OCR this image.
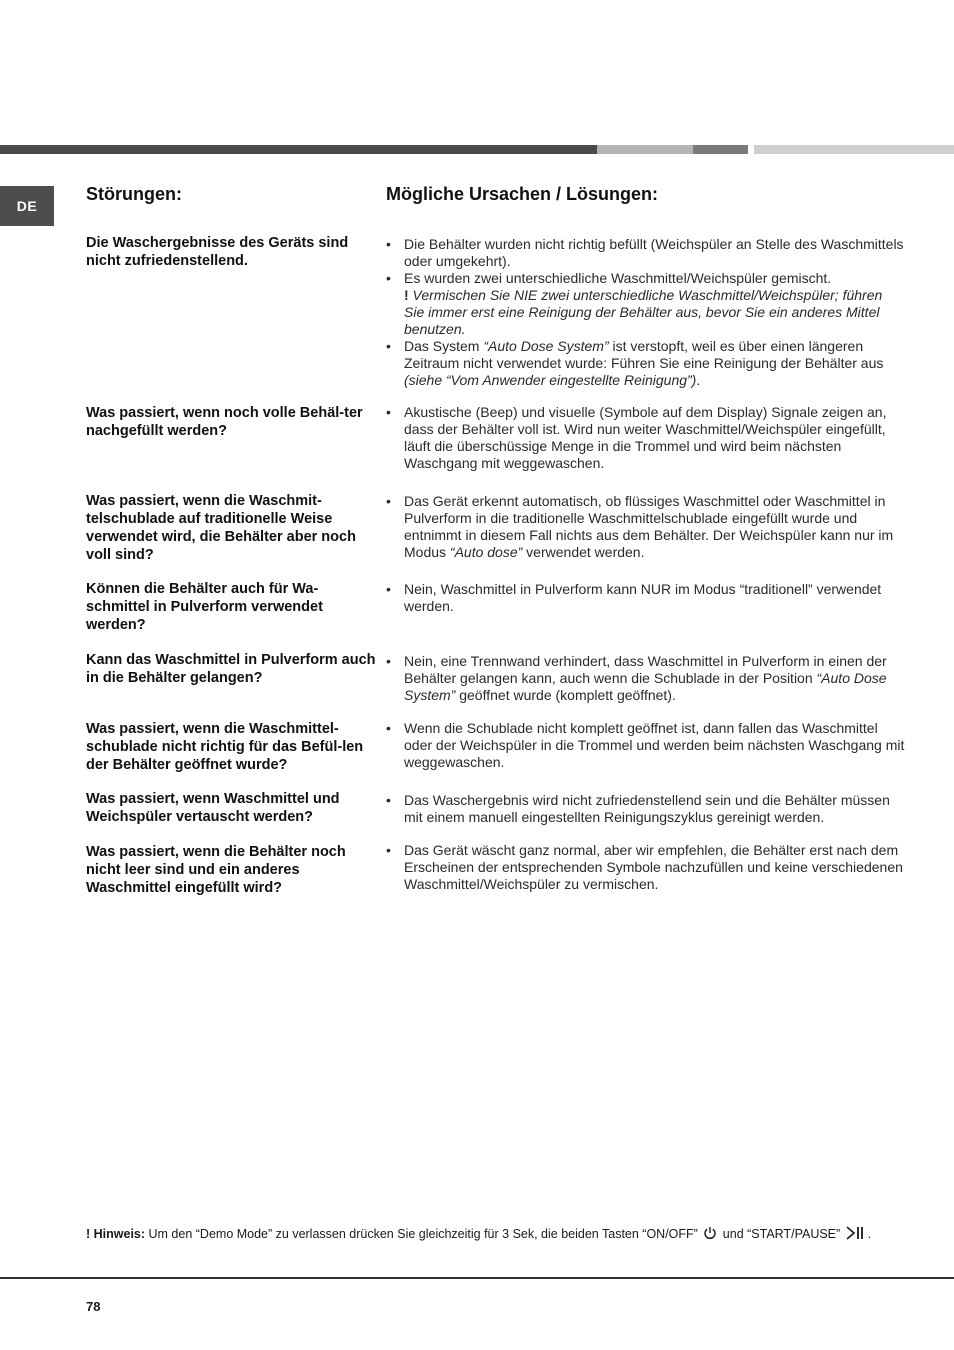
DE
Störungen:	Mögliche Ursachen / Lösungen:
Die Waschergebnisse des Geräts sind nicht zufriedenstellend.
• Die Behälter wurden nicht richtig befüllt (Weichspüler an Stelle des Waschmittels oder umgekehrt).
• Es wurden zwei unterschiedliche Waschmittel/Weichspüler gemischt.
! Vermischen Sie NIE zwei unterschiedliche Waschmittel/Weichspüler; führen Sie immer erst eine Reinigung der Behälter aus, bevor Sie ein anderes Mittel benutzen.
• Das System “Auto Dose System” ist verstopft, weil es über einen längeren Zeitraum nicht verwendet wurde: Führen Sie eine Reinigung der Behälter aus (siehe “Vom Anwender eingestellte Reinigung”).
Was passiert, wenn noch volle Behäl-ter nachgefüllt werden?
• Akustische (Beep) und visuelle (Symbole auf dem Display) Signale zeigen an, dass der Behälter voll ist. Wird nun weiter Waschmittel/Weichspüler eingefüllt, läuft die überschüssige Menge in die Trommel und wird beim nächsten Waschgang mit weggewaschen.
Was passiert, wenn die Waschmit-telschublade auf traditionelle Weise verwendet wird, die Behälter aber noch voll sind?
• Das Gerät erkennt automatisch, ob flüssiges Waschmittel oder Waschmittel in Pulverform in die traditionelle Waschmittelschublade eingefüllt wurde und entnimmt in diesem Fall nichts aus dem Behälter. Der Weichspüler kann nur im Modus “Auto dose” verwendet werden.
Können die Behälter auch für Wa-schmittel in Pulverform verwendet werden?
• Nein, Waschmittel in Pulverform kann NUR im Modus “traditionell” verwendet werden.
Kann das Waschmittel in Pulverform auch in die Behälter gelangen?
• Nein, eine Trennwand verhindert, dass Waschmittel in Pulverform in einen der Behälter gelangen kann, auch wenn die Schublade in der Position “Auto Dose System” geöffnet wurde (komplett geöffnet).
Was passiert, wenn die Waschmittel-schublade nicht richtig für das Befül-len der Behälter geöffnet wurde?
• Wenn die Schublade nicht komplett geöffnet ist, dann fallen das Waschmittel oder der Weichspüler in die Trommel und werden beim nächsten Waschgang mit weggewaschen.
Was passiert, wenn Waschmittel und Weichspüler vertauscht werden?
• Das Waschergebnis wird nicht zufriedenstellend sein und die Behälter müssen mit einem manuell eingestellten Reinigungszyklus gereinigt werden.
Was passiert, wenn die Behälter noch nicht leer sind und ein anderes Waschmittel eingefüllt wird?
• Das Gerät wäscht ganz normal, aber wir empfehlen, die Behälter erst nach dem Erscheinen der entsprechenden Symbole nachzufüllen und keine verschiedenen Waschmittel/Weichspüler zu vermischen.
! Hinweis: Um den “Demo Mode” zu verlassen drücken Sie gleichzeitig für 3 Sek, die beiden Tasten “ON/OFF”  und “START/PAUSE” .
78
